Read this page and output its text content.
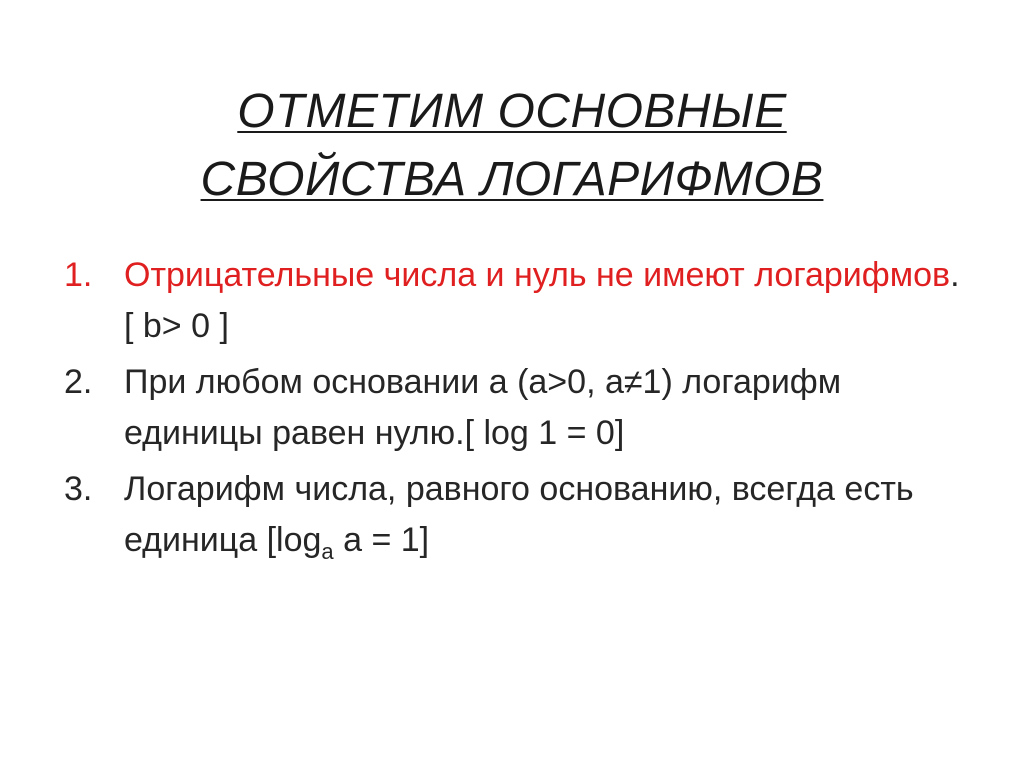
ОТМЕТИМ ОСНОВНЫЕ
СВОЙСТВА ЛОГАРИФМОВ
1. Отрицательные числа и нуль не имеют логарифмов. [ b> 0 ]
2. При любом основании а (а>0, а≠1) логарифм единицы равен нулю.[ log 1 = 0]
3. Логарифм числа, равного основанию, всегда есть единица [$\log_a$ a = 1]
